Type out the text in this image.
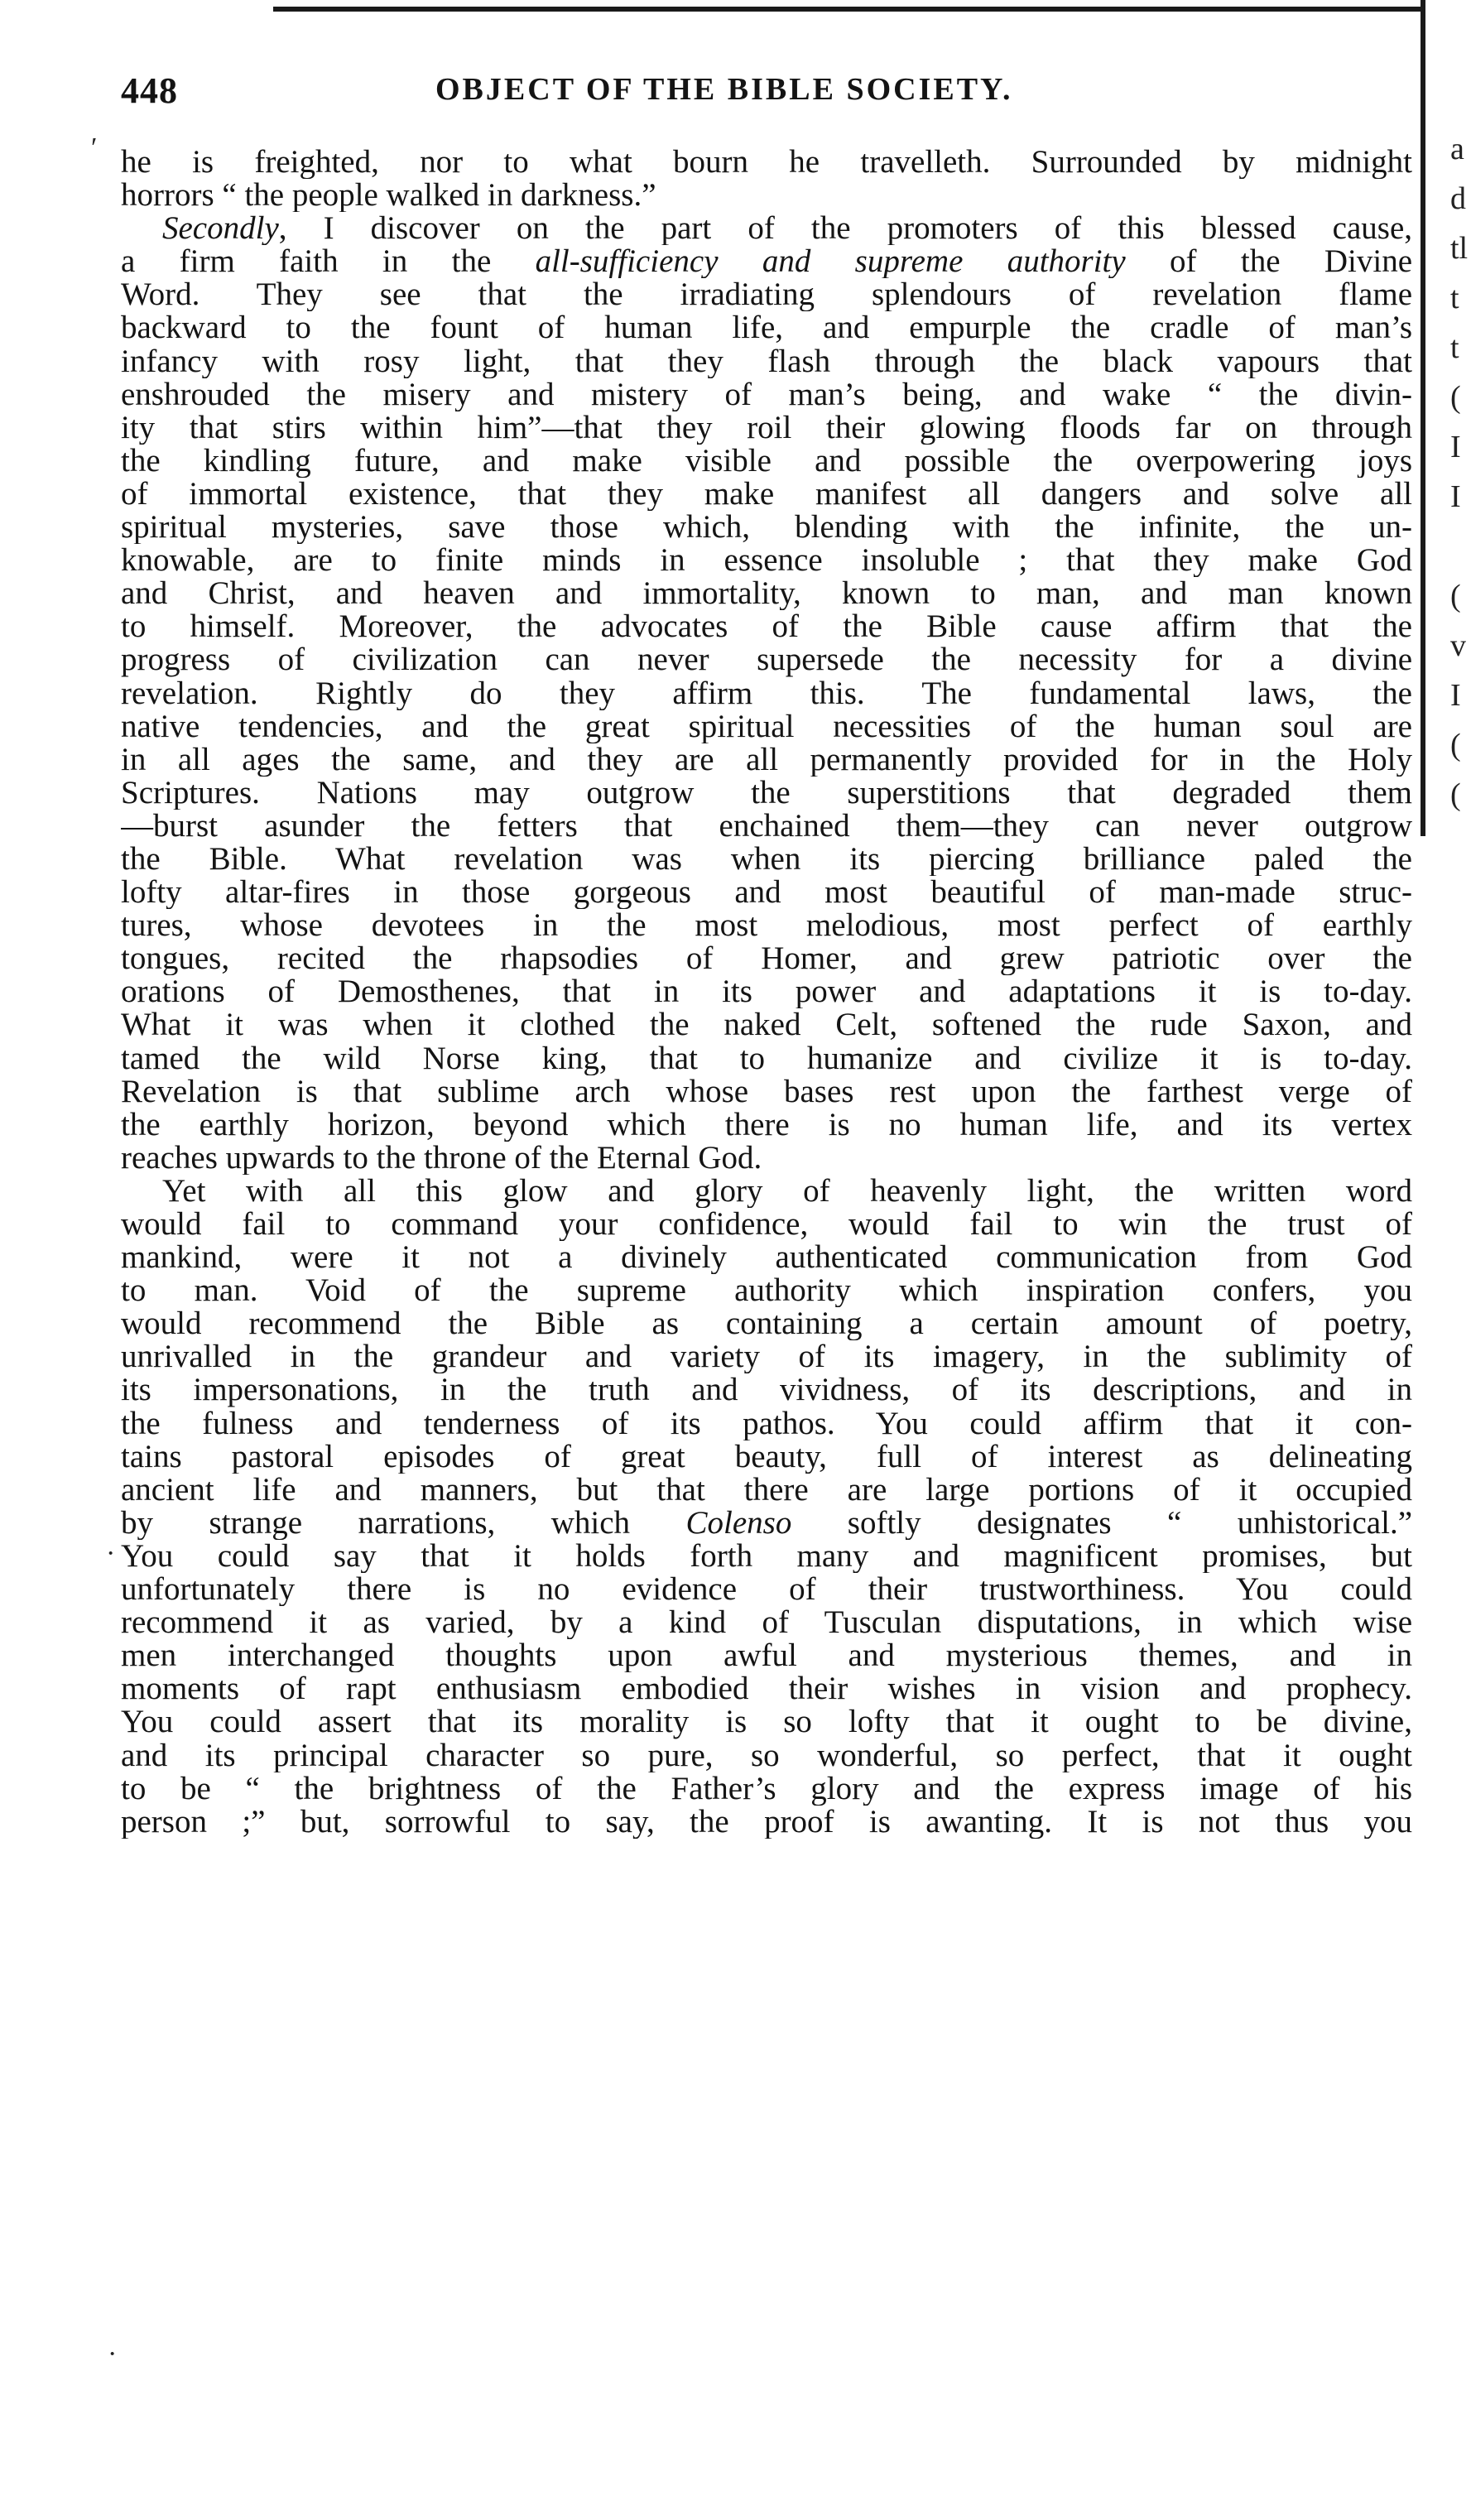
448	OBJECT OF THE BIBLE SOCIETY.
′
·
·
he is freighted, nor to what bourn he travelleth. Surrounded by midnight
horrors “ the people walked in darkness.”
Secondly, I discover on the part of the promoters of this blessed cause,
a firm faith in the all-sufficiency and supreme authority of the Divine
Word. They see that the irradiating splendours of revelation flame
backward to the fount of human life, and empurple the cradle of man’s
infancy with rosy light, that they flash through the black vapours that
enshrouded the misery and mistery of man’s being, and wake “ the divin-
ity that stirs within him”—that they roil their glowing floods far on through
the kindling future, and make visible and possible the overpowering joys
of immortal existence, that they make manifest all dangers and solve all
spiritual mysteries, save those which, blending with the infinite, the un-
knowable, are to finite minds in essence insoluble ; that they make God
and Christ, and heaven and immortality, known to man, and man known
to himself. Moreover, the advocates of the Bible cause affirm that the
progress of civilization can never supersede the necessity for a divine
revelation. Rightly do they affirm this. The fundamental laws, the
native tendencies, and the great spiritual necessities of the human soul are
in all ages the same, and they are all permanently provided for in the Holy
Scriptures. Nations may outgrow the superstitions that degraded them
—burst asunder the fetters that enchained them—they can never outgrow
the Bible. What revelation was when its piercing brilliance paled the
lofty altar-fires in those gorgeous and most beautiful of man-made struc-
tures, whose devotees in the most melodious, most perfect of earthly
tongues, recited the rhapsodies of Homer, and grew patriotic over the
orations of Demosthenes, that in its power and adaptations it is to-day.
What it was when it clothed the naked Celt, softened the rude Saxon, and
tamed the wild Norse king, that to humanize and civilize it is to-day.
Revelation is that sublime arch whose bases rest upon the farthest verge of
the earthly horizon, beyond which there is no human life, and its vertex
reaches upwards to the throne of the Eternal God.
Yet with all this glow and glory of heavenly light, the written word
would fail to command your confidence, would fail to win the trust of
mankind, were it not a divinely authenticated communication from God
to man. Void of the supreme authority which inspiration confers, you
would recommend the Bible as containing a certain amount of poetry,
unrivalled in the grandeur and variety of its imagery, in the sublimity of
its impersonations, in the truth and vividness, of its descriptions, and in
the fulness and tenderness of its pathos. You could affirm that it con-
tains pastoral episodes of great beauty, full of interest as delineating
ancient life and manners, but that there are large portions of it occupied
by strange narrations, which Colenso softly designates “ unhistorical.”
You could say that it holds forth many and magnificent promises, but
unfortunately there is no evidence of their trustworthiness. You could
recommend it as varied, by a kind of Tusculan disputations, in which wise
men interchanged thoughts upon awful and mysterious themes, and in
moments of rapt enthusiasm embodied their wishes in vision and prophecy.
You could assert that its morality is so lofty that it ought to be divine,
and its principal character so pure, so wonderful, so perfect, that it ought
to be “ the brightness of the Father’s glory and the express image of his
person ;” but, sorrowful to say, the proof is awanting. It is not thus you
a
d
tl
t
t
(
I
I
(
v
I
(
(
